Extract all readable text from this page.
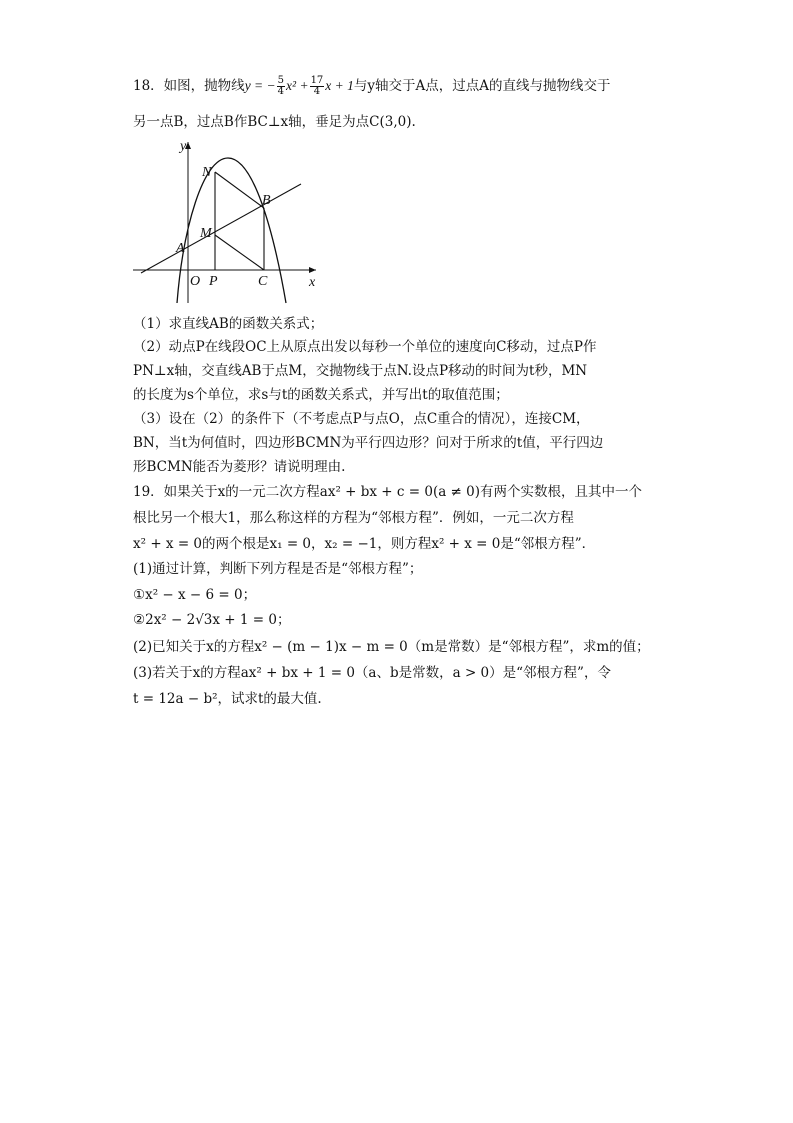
18．如图，抛物线y = − $\frac{5}{4} x^2 + \frac{17}{4}$ x + 1与y轴交于A点，过点A的直线与抛物线交于
另一点B，过点B作BC⊥x轴，垂足为点C(3,0).
y
x
N
B
M
A
O P	C
（1）求直线AB的函数关系式；
（2）动点P在线段OC上从原点出发以每秒一个单位的速度向C移动，过点P作
PN⊥x轴，交直线AB于点M，交抛物线于点N.设点P移动的时间为t秒，MN
的长度为s个单位，求s与t的函数关系式，并写出t的取值范围；
（3）设在（2）的条件下（不考虑点P与点O，点C重合的情况），连接CM，
BN，当t为何值时，四边形BCMN为平行四边形？问对于所求的t值，平行四边
形BCMN能否为菱形？请说明理由.
19．如果关于x的一元二次方程ax² + bx + c = 0(a ≠ 0)有两个实数根，且其中一个
根比另一个根大1，那么称这样的方程为“邻根方程”．例如，一元二次方程
x² + x = 0的两个根是x₁ = 0，x₂ = −1，则方程x² + x = 0是“邻根方程”．
(1)通过计算，判断下列方程是否是“邻根方程”；
①x² − x − 6 = 0；
②2x² − 2√3x + 1 = 0；
(2)已知关于x的方程x² − (m − 1)x − m = 0（m是常数）是“邻根方程”，求m的值；
(3)若关于x的方程ax² + bx + 1 = 0（a、b是常数，a > 0）是“邻根方程”，令
t = 12a − b²，试求t的最大值.
